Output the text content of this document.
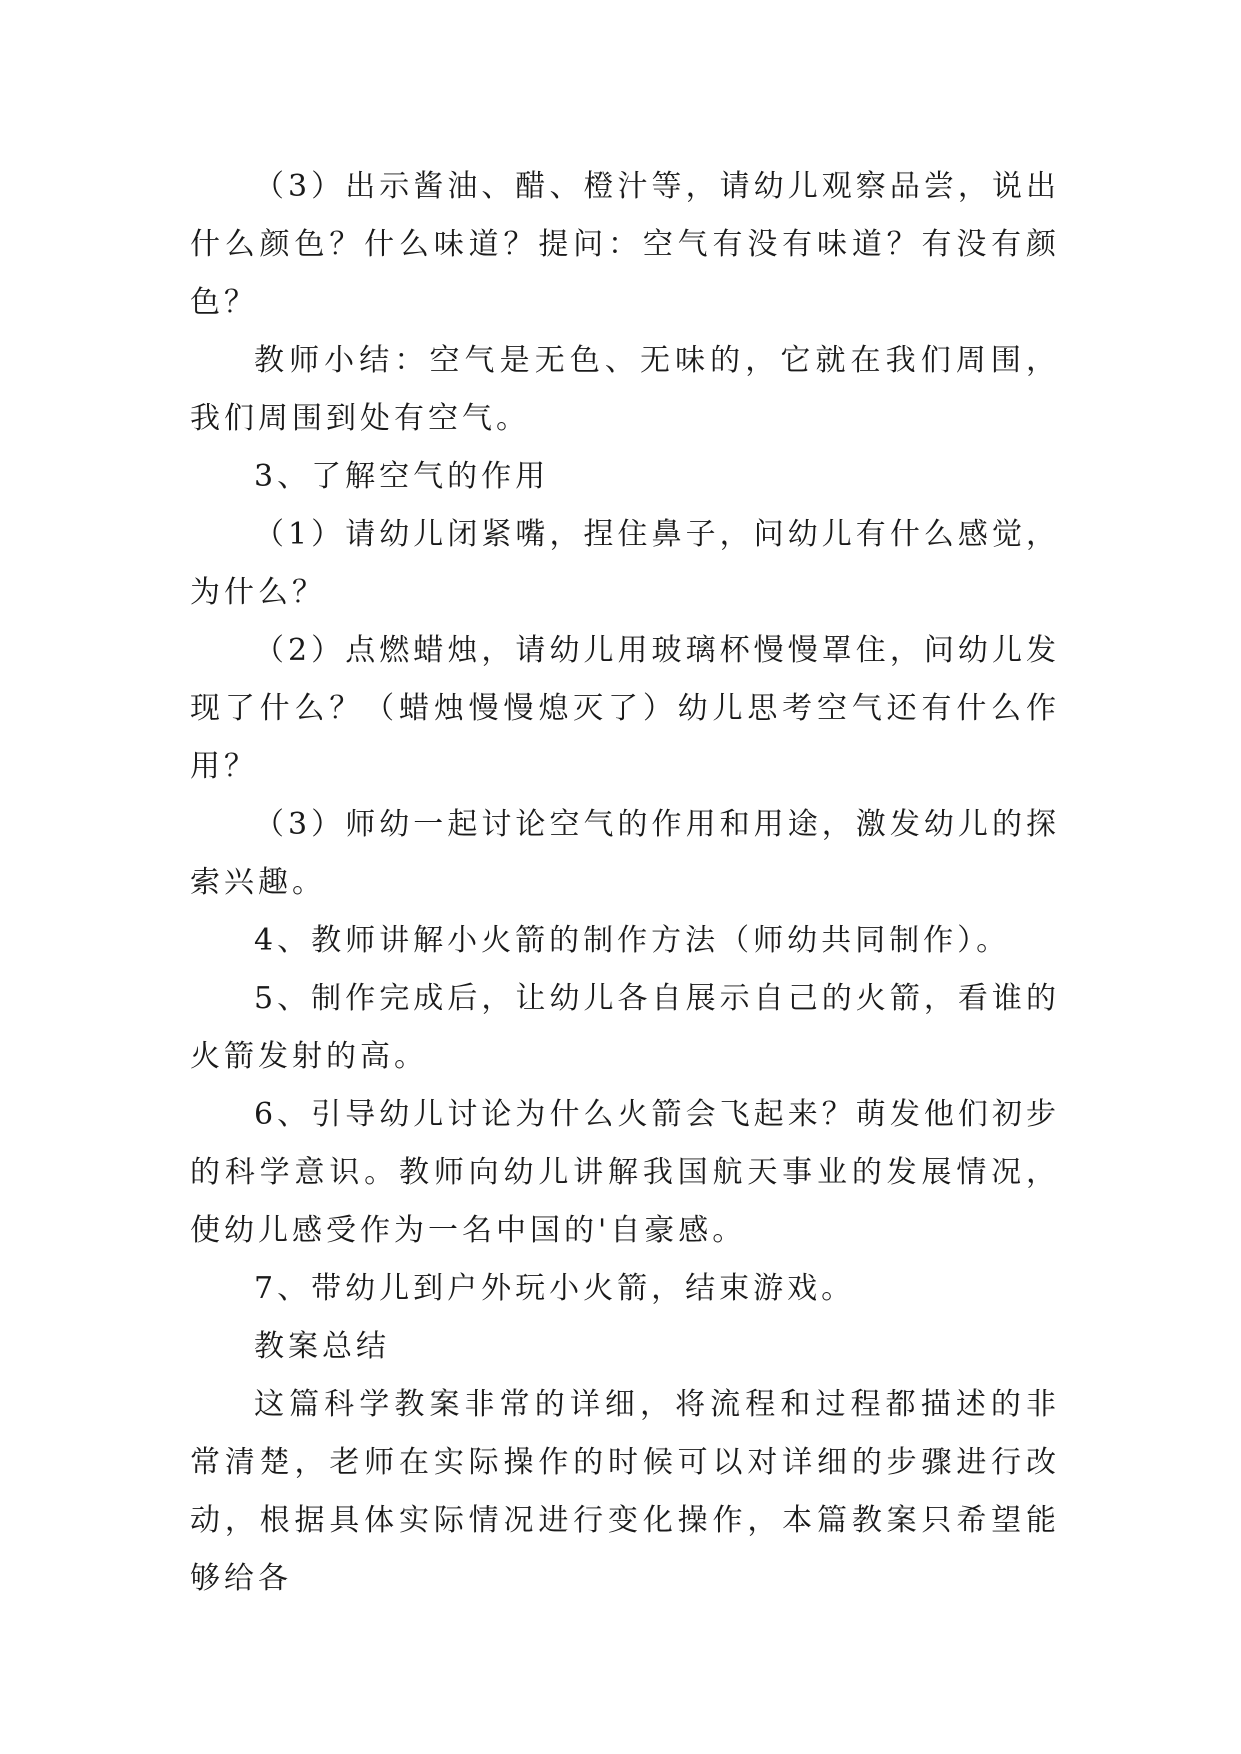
（3）出示酱油、醋、橙汁等，请幼儿观察品尝，说出什么颜色？什么味道？提问：空气有没有味道？有没有颜色？

教师小结：空气是无色、无味的，它就在我们周围，我们周围到处有空气。

3、了解空气的作用

（1）请幼儿闭紧嘴，捏住鼻子，问幼儿有什么感觉，为什么？

（2）点燃蜡烛，请幼儿用玻璃杯慢慢罩住，问幼儿发现了什么？（蜡烛慢慢熄灭了）幼儿思考空气还有什么作用？

（3）师幼一起讨论空气的作用和用途，激发幼儿的探索兴趣。

4、教师讲解小火箭的制作方法（师幼共同制作）。

5、制作完成后，让幼儿各自展示自己的火箭，看谁的火箭发射的高。

6、引导幼儿讨论为什么火箭会飞起来？萌发他们初步的科学意识。教师向幼儿讲解我国航天事业的发展情况，使幼儿感受作为一名中国的'自豪感。

7、带幼儿到户外玩小火箭，结束游戏。

教案总结

这篇科学教案非常的详细，将流程和过程都描述的非常清楚，老师在实际操作的时候可以对详细的步骤进行改动，根据具体实际情况进行变化操作，本篇教案只希望能够给各
